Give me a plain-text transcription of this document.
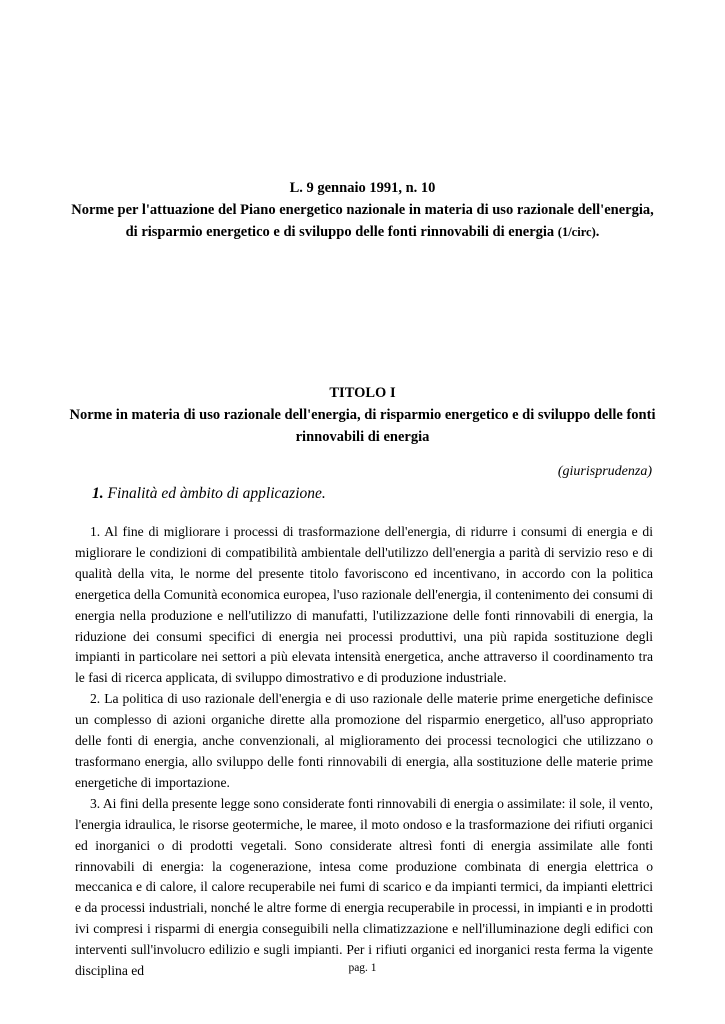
L. 9 gennaio 1991, n. 10
Norme per l'attuazione del Piano energetico nazionale in materia di uso razionale dell'energia,
di risparmio energetico e di sviluppo delle fonti rinnovabili di energia (1/circ).
TITOLO I
Norme in materia di uso razionale dell'energia, di risparmio energetico e di sviluppo delle fonti
rinnovabili di energia
(giurisprudenza)
1. Finalità ed àmbito di applicazione.

1. Al fine di migliorare i processi di trasformazione dell'energia, di ridurre i consumi di energia e di migliorare le condizioni di compatibilità ambientale dell'utilizzo dell'energia a parità di servizio reso e di qualità della vita, le norme del presente titolo favoriscono ed incentivano, in accordo con la politica energetica della Comunità economica europea, l'uso razionale dell'energia, il contenimento dei consumi di energia nella produzione e nell'utilizzo di manufatti, l'utilizzazione delle fonti rinnovabili di energia, la riduzione dei consumi specifici di energia nei processi produttivi, una più rapida sostituzione degli impianti in particolare nei settori a più elevata intensità energetica, anche attraverso il coordinamento tra le fasi di ricerca applicata, di sviluppo dimostrativo e di produzione industriale.

2. La politica di uso razionale dell'energia e di uso razionale delle materie prime energetiche definisce un complesso di azioni organiche dirette alla promozione del risparmio energetico, all'uso appropriato delle fonti di energia, anche convenzionali, al miglioramento dei processi tecnologici che utilizzano o trasformano energia, allo sviluppo delle fonti rinnovabili di energia, alla sostituzione delle materie prime energetiche di importazione.

3. Ai fini della presente legge sono considerate fonti rinnovabili di energia o assimilate: il sole, il vento, l'energia idraulica, le risorse geotermiche, le maree, il moto ondoso e la trasformazione dei rifiuti organici ed inorganici o di prodotti vegetali. Sono considerate altresì fonti di energia assimilate alle fonti rinnovabili di energia: la cogenerazione, intesa come produzione combinata di energia elettrica o meccanica e di calore, il calore recuperabile nei fumi di scarico e da impianti termici, da impianti elettrici e da processi industriali, nonché le altre forme di energia recuperabile in processi, in impianti e in prodotti ivi compresi i risparmi di energia conseguibili nella climatizzazione e nell'illuminazione degli edifici con interventi sull'involucro edilizio e sugli impianti. Per i rifiuti organici ed inorganici resta ferma la vigente disciplina ed	pag. 1
